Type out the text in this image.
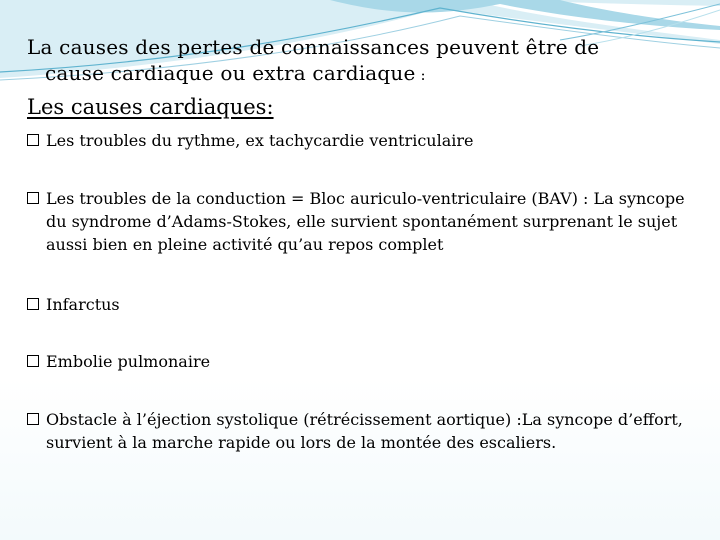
La causes des pertes de connaissances peuvent être de
cause cardiaque ou extra cardiaque :
Les causes cardiaques:
Les troubles du rythme, ex tachycardie ventriculaire
Les troubles de la conduction = Bloc auriculo-ventriculaire (BAV) : La syncope du syndrome d’Adams-Stokes, elle survient spontanément surprenant le sujet aussi bien en pleine activité qu’au repos complet
Infarctus
Embolie pulmonaire
Obstacle à l’éjection systolique (rétrécissement aortique) :La syncope d’effort, survient à la marche rapide ou lors de la montée des escaliers.
